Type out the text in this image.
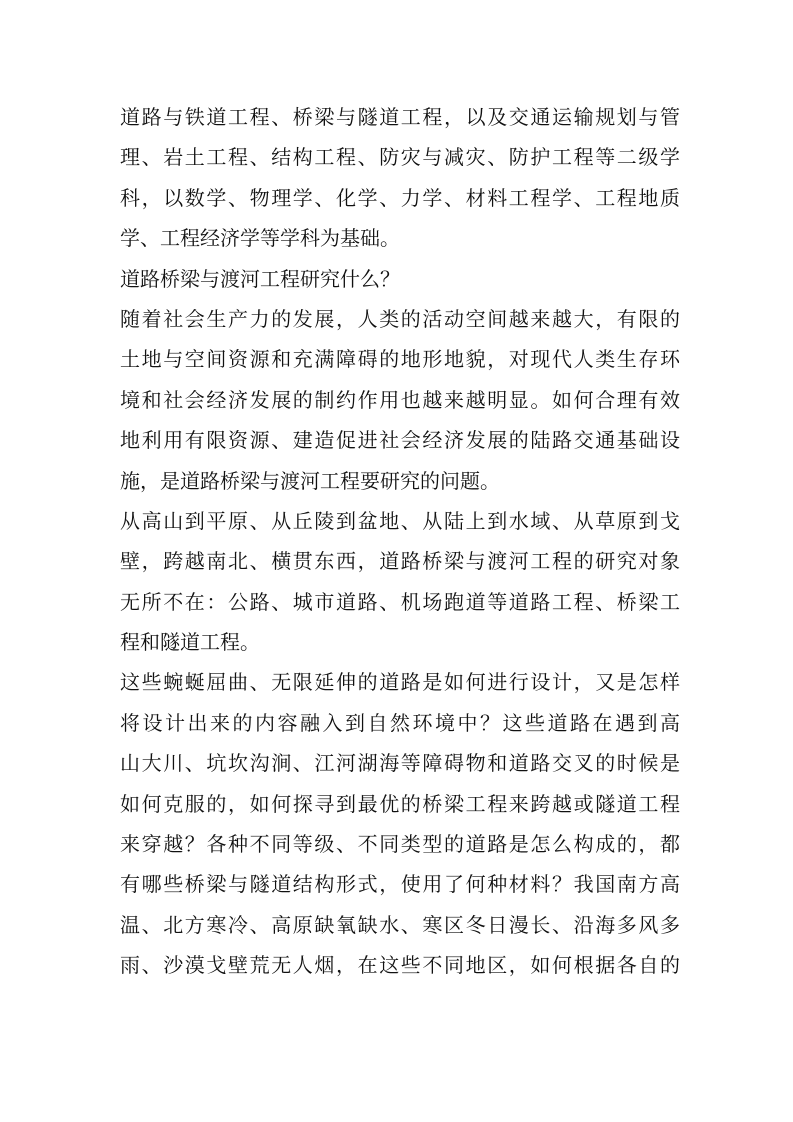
道路与铁道工程、桥梁与隧道工程，以及交通运输规划与管
理、岩土工程、结构工程、防灾与减灾、防护工程等二级学
科，以数学、物理学、化学、力学、材料工程学、工程地质
学、工程经济学等学科为基础。
道路桥梁与渡河工程研究什么？
随着社会生产力的发展，人类的活动空间越来越大，有限的
土地与空间资源和充满障碍的地形地貌，对现代人类生存环
境和社会经济发展的制约作用也越来越明显。如何合理有效
地利用有限资源、建造促进社会经济发展的陆路交通基础设
施，是道路桥梁与渡河工程要研究的问题。
从高山到平原、从丘陵到盆地、从陆上到水域、从草原到戈
壁，跨越南北、横贯东西，道路桥梁与渡河工程的研究对象
无所不在：公路、城市道路、机场跑道等道路工程、桥梁工
程和隧道工程。
这些蜿蜒屈曲、无限延伸的道路是如何进行设计，又是怎样
将设计出来的内容融入到自然环境中？这些道路在遇到高
山大川、坑坎沟涧、江河湖海等障碍物和道路交叉的时候是
如何克服的，如何探寻到最优的桥梁工程来跨越或隧道工程
来穿越？各种不同等级、不同类型的道路是怎么构成的，都
有哪些桥梁与隧道结构形式，使用了何种材料？我国南方高
温、北方寒冷、高原缺氧缺水、寒区冬日漫长、沿海多风多
雨、沙漠戈壁荒无人烟，在这些不同地区，如何根据各自的
